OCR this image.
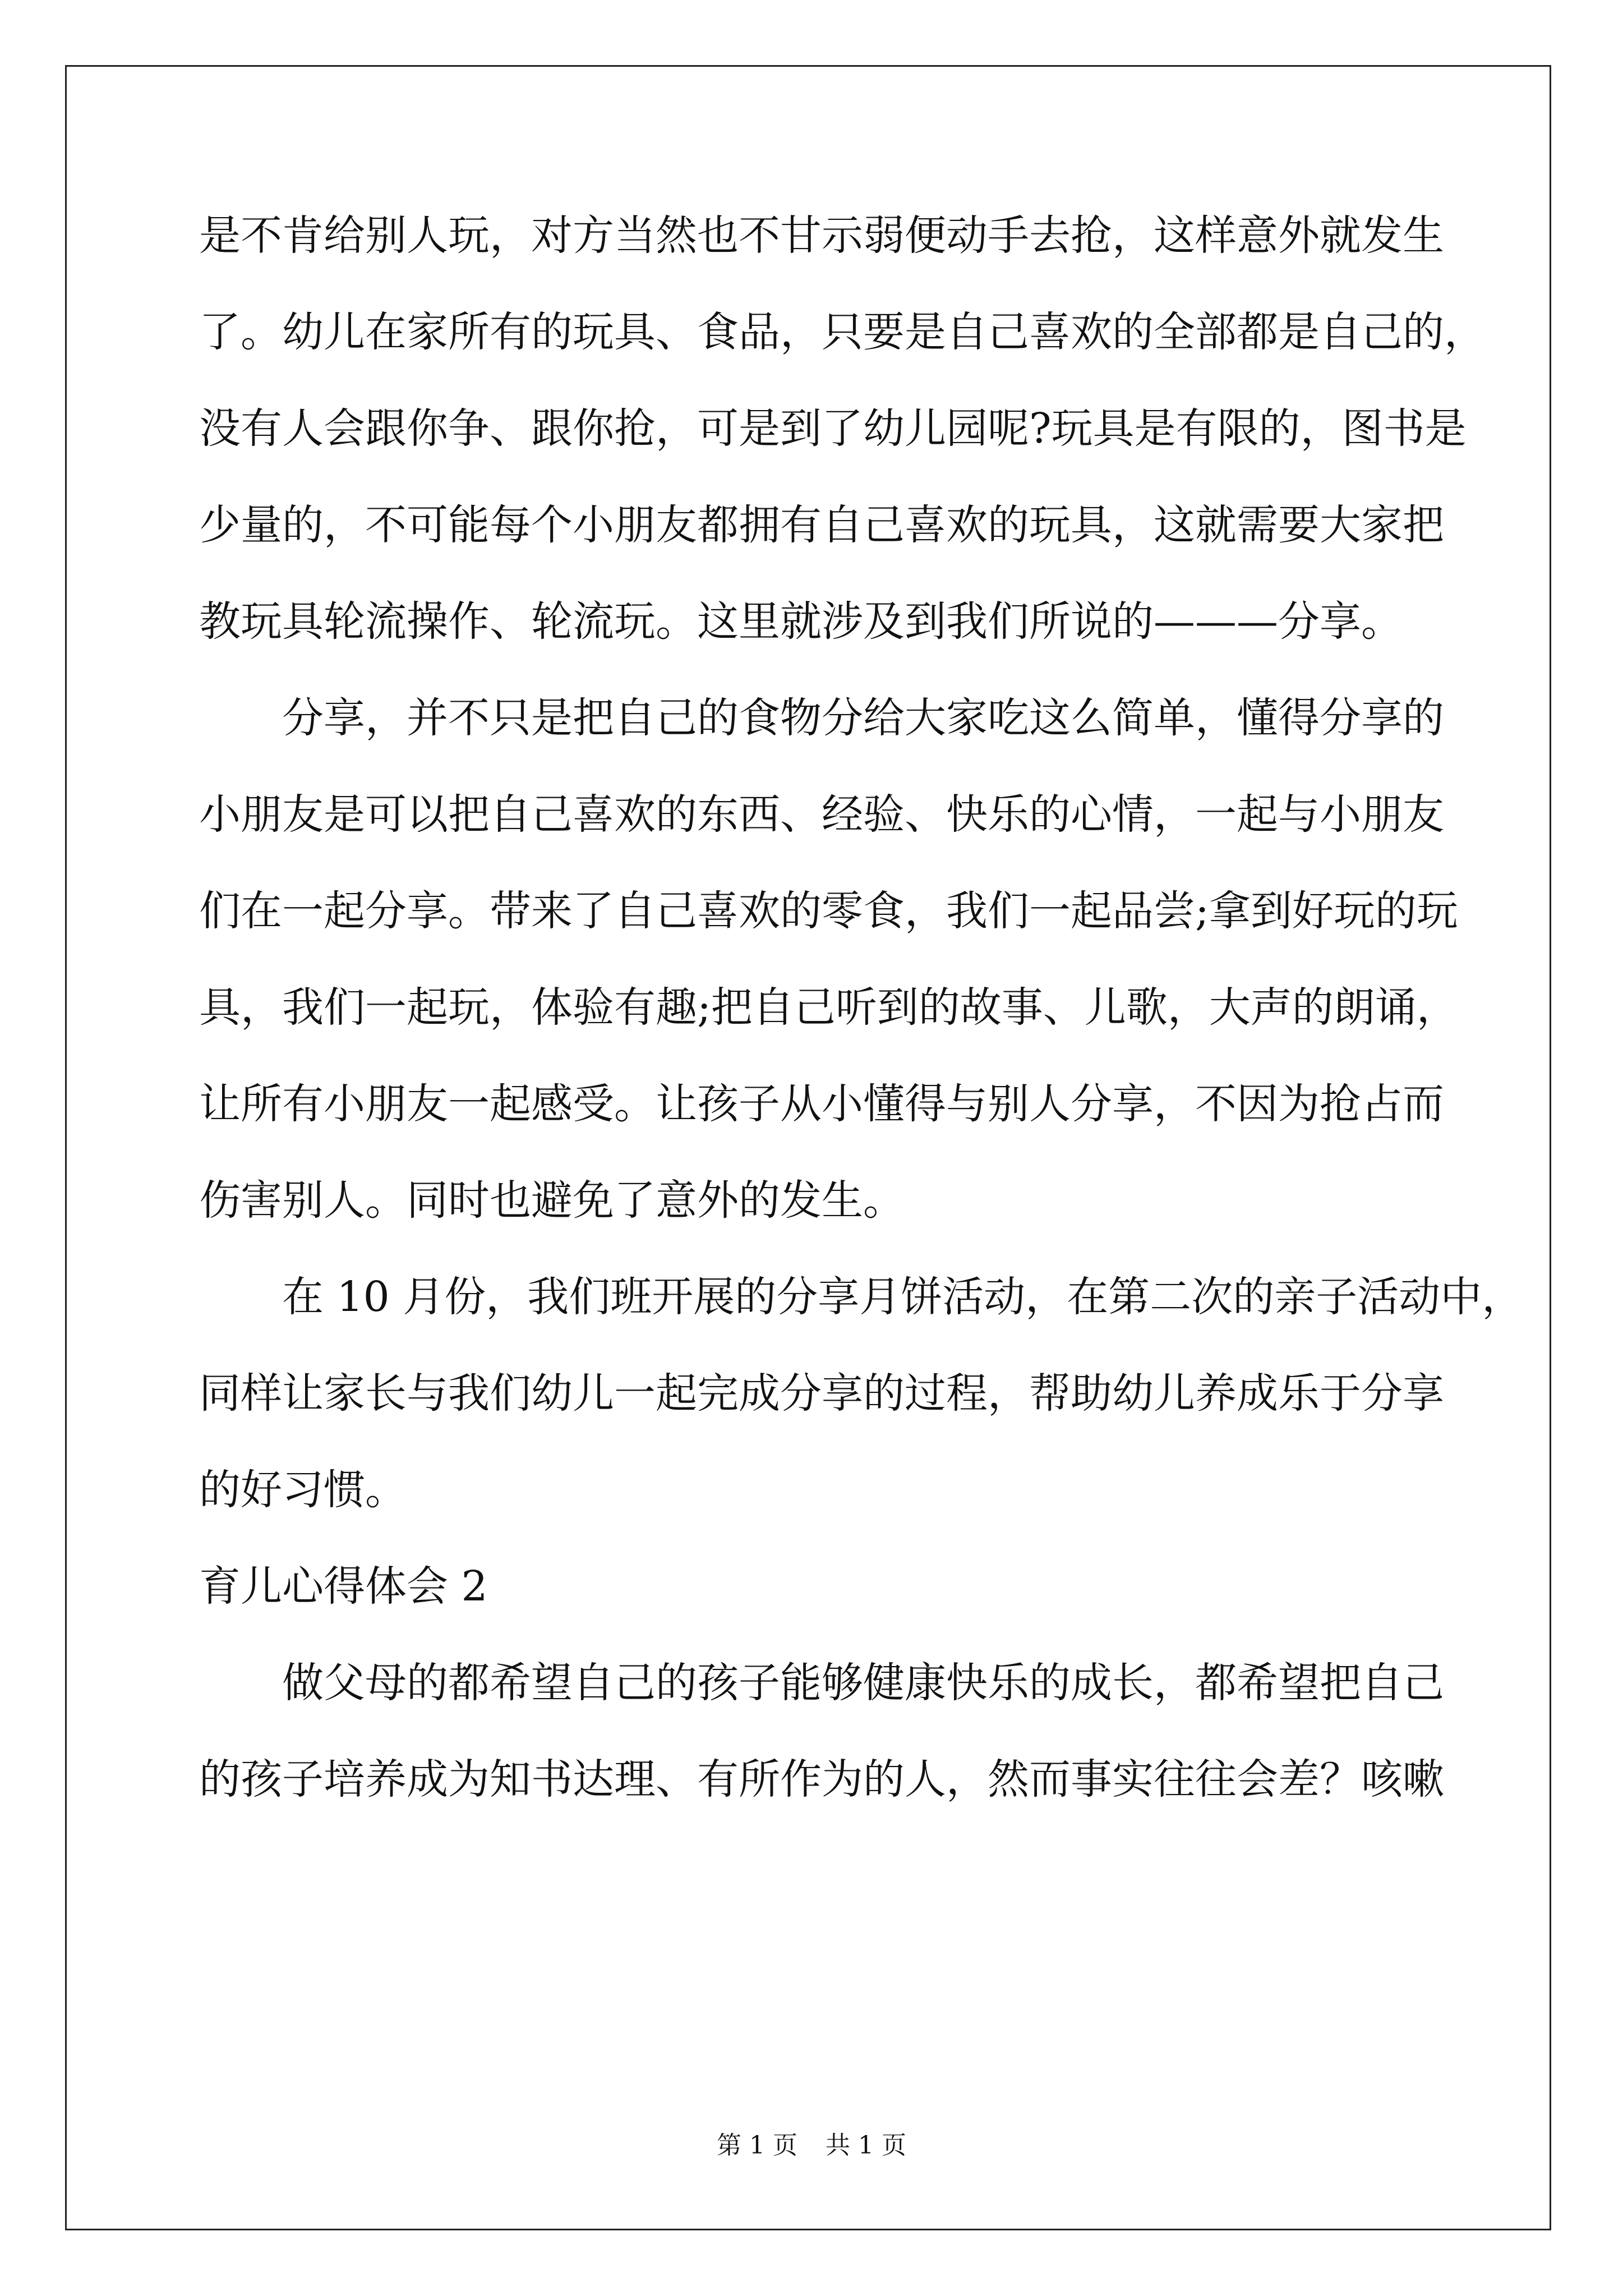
是不肯给别人玩，对方当然也不甘示弱便动手去抢，这样意外就发生
了。幼儿在家所有的玩具、食品，只要是自己喜欢的全部都是自己的，
没有人会跟你争、跟你抢，可是到了幼儿园呢?玩具是有限的，图书是
少量的，不可能每个小朋友都拥有自己喜欢的玩具，这就需要大家把
教玩具轮流操作、轮流玩。这里就涉及到我们所说的———分享。
分享，并不只是把自己的食物分给大家吃这么简单，懂得分享的
小朋友是可以把自己喜欢的东西、经验、快乐的心情，一起与小朋友
们在一起分享。带来了自己喜欢的零食，我们一起品尝;拿到好玩的玩
具，我们一起玩，体验有趣;把自己听到的故事、儿歌，大声的朗诵，
让所有小朋友一起感受。让孩子从小懂得与别人分享，不因为抢占而
伤害别人。同时也避免了意外的发生。
在 10 月份，我们班开展的分享月饼活动，在第二次的亲子活动中，
同样让家长与我们幼儿一起完成分享的过程，帮助幼儿养成乐于分享
的好习惯。
育儿心得体会 2
做父母的都希望自己的孩子能够健康快乐的成长，都希望把自己
的孩子培养成为知书达理、有所作为的人，然而事实往往会差？咳嗽
第 1 页 共 1 页
